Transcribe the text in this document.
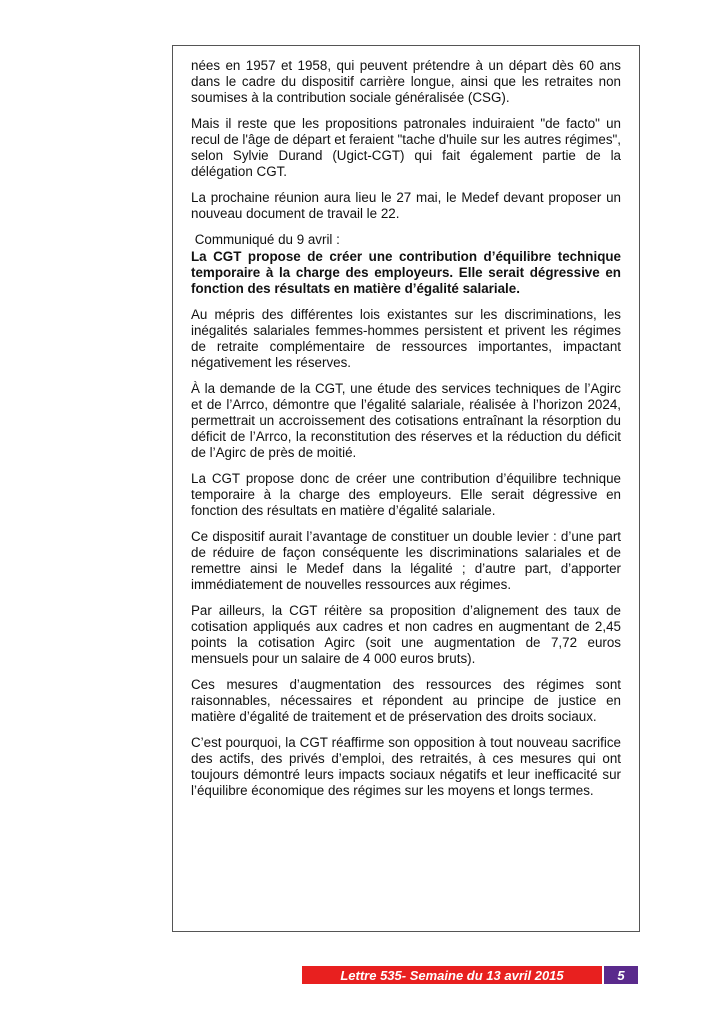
nées en 1957 et 1958, qui peuvent prétendre à un départ dès 60 ans dans le cadre du dispositif carrière longue, ainsi que les retraites non soumises à la contribution sociale généralisée (CSG).

Mais il reste que les propositions patronales induiraient "de facto" un recul de l'âge de départ et feraient "tache d'huile sur les autres régimes", selon Sylvie Durand (Ugict-CGT) qui fait également partie de la délégation CGT.

La prochaine réunion aura lieu le 27 mai, le Medef devant proposer un nouveau document de travail le 22.

Communiqué du 9 avril :

La CGT propose de créer une contribution d’équilibre technique temporaire à la charge des employeurs. Elle serait dégressive en fonction des résultats en matière d’égalité salariale.

Au mépris des différentes lois existantes sur les discriminations, les inégalités salariales femmes-hommes persistent et privent les régimes de retraite complémentaire de ressources importantes, impactant négativement les réserves.

À la demande de la CGT, une étude des services techniques de l’Agirc et de l’Arrco, démontre que l’égalité salariale, réalisée à l’horizon 2024, permettrait un accroissement des cotisations entraînant la résorption du déficit de l’Arrco, la reconstitution des réserves et la réduction du déficit de l’Agirc de près de moitié.

La CGT propose donc de créer une contribution d’équilibre technique temporaire à la charge des employeurs. Elle serait dégressive en fonction des résultats en matière d’égalité salariale.

Ce dispositif aurait l’avantage de constituer un double levier : d’une part de réduire de façon conséquente les discriminations salariales et de remettre ainsi le Medef dans la légalité ; d’autre part, d’apporter immédiatement de nouvelles ressources aux régimes.

Par ailleurs, la CGT réitère sa proposition d’alignement des taux de cotisation appliqués aux cadres et non cadres en augmentant de 2,45 points la cotisation Agirc (soit une augmentation de 7,72 euros mensuels pour un salaire de 4 000 euros bruts).

Ces mesures d’augmentation des ressources des régimes sont raisonnables, nécessaires et répondent au principe de justice en matière d’égalité de traitement et de préservation des droits sociaux.

C’est pourquoi, la CGT réaffirme son opposition à tout nouveau sacrifice des actifs, des privés d’emploi, des retraités, à ces mesures qui ont toujours démontré leurs impacts sociaux négatifs et leur inefficacité sur l’équilibre économique des régimes sur les moyens et longs termes.

Lettre 535- Semaine du 13 avril 2015	5
